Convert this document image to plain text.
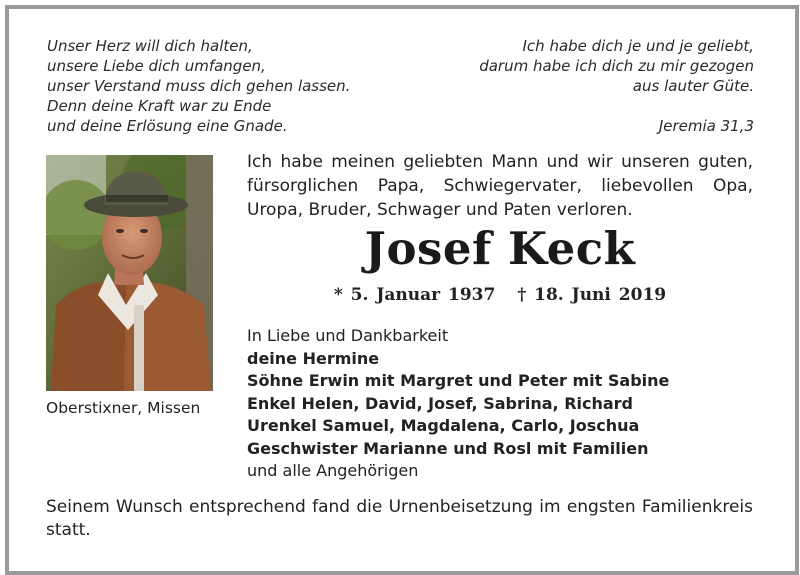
Unser Herz will dich halten,
unsere Liebe dich umfangen,
unser Verstand muss dich gehen lassen.
Denn deine Kraft war zu Ende
und deine Erlösung eine Gnade.
Ich habe dich je und je geliebt,
darum habe ich dich zu mir gezogen
aus lauter Güte.

Jeremia 31,3
Oberstixner, Missen
Ich habe meinen geliebten Mann und wir unseren guten, fürsorglichen Papa, Schwiegervater, liebevollen Opa, Uropa, Bruder, Schwager und Paten verloren.
Josef Keck
* 5. Januar 1937 † 18. Juni 2019
In Liebe und Dankbarkeit
deine Hermine
Söhne Erwin mit Margret und Peter mit Sabine
Enkel Helen, David, Josef, Sabrina, Richard
Urenkel Samuel, Magdalena, Carlo, Joschua
Geschwister Marianne und Rosl mit Familien
und alle Angehörigen
Seinem Wunsch entsprechend fand die Urnenbeisetzung im engsten Familienkreis statt.
